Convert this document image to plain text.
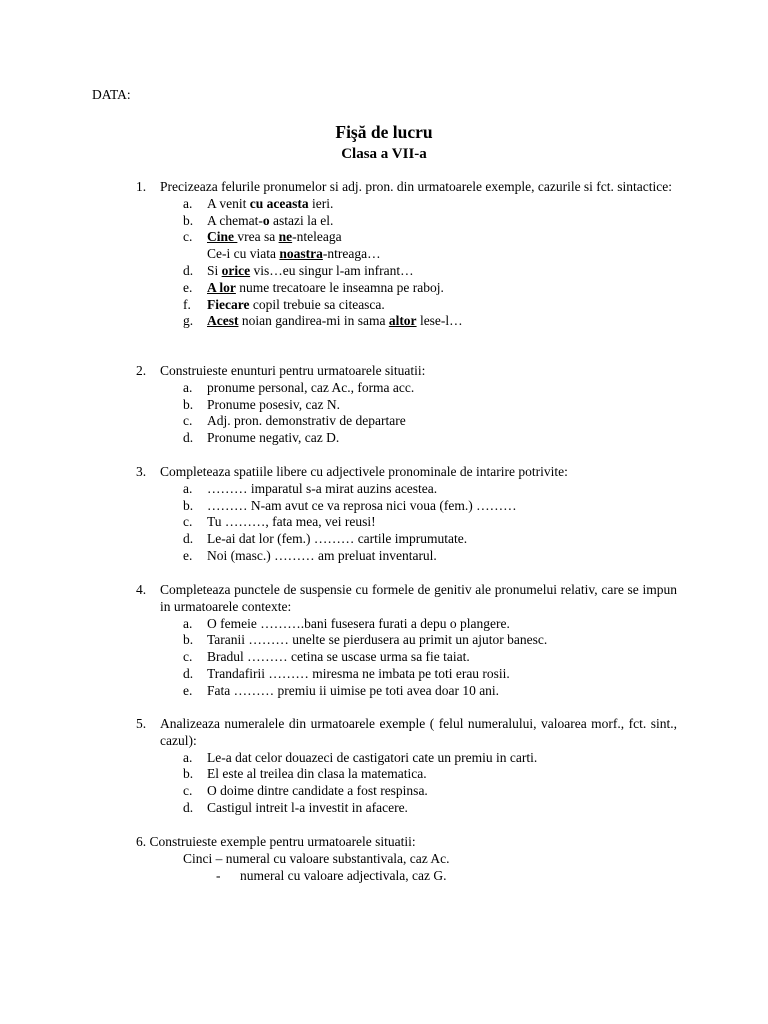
DATA:
Fişă de lucru
Clasa a VII-a
1. Precizeaza felurile pronumelor si adj. pron. din urmatoarele exemple, cazurile si fct. sintactice:
a. A venit cu aceasta ieri.
b. A chemat-o astazi la el.
c. Cine vrea sa ne-nteleaga
Ce-i cu viata noastra-ntreaga…
d. Si orice vis…eu singur l-am infrant…
e. A lor nume trecatoare le inseamna pe raboj.
f. Fiecare copil trebuie sa citeasca.
g. Acest noian gandirea-mi in sama altor lese-l…
2. Construieste enunturi pentru urmatoarele situatii:
a. pronume personal, caz Ac., forma acc.
b. Pronume posesiv, caz N.
c. Adj. pron. demonstrativ de departare
d. Pronume negativ, caz D.
3. Completeaza spatiile libere cu adjectivele pronominale de intarire potrivite:
a. ……… imparatul s-a mirat auzins acestea.
b. ……… N-am avut ce va reprosa nici voua (fem.) ………
c. Tu ………, fata mea, vei reusi!
d. Le-ai dat lor (fem.) ……… cartile imprumutate.
e. Noi (masc.) ……… am preluat inventarul.
4. Completeaza punctele de suspensie cu formele de genitiv ale pronumelui relativ, care se impun in urmatoarele contexte:
a. O femeie ……….bani fusesera furati a depu o plangere.
b. Taranii ……… unelte se pierdusera au primit un ajutor banesc.
c. Bradul ……… cetina se uscase urma sa fie taiat.
d. Trandafirii ……… miresma ne imbata pe toti erau rosii.
e. Fata ……… premiu ii uimise pe toti avea doar 10 ani.
5. Analizeaza numeralele din urmatoarele exemple ( felul numeralului, valoarea morf., fct. sint., cazul):
a. Le-a dat celor douazeci de castigatori cate un premiu in carti.
b. El este al treilea din clasa la matematica.
c. O doime dintre candidate a fost respinsa.
d. Castigul intreit l-a investit in afacere.
6. Construieste exemple pentru urmatoarele situatii:
Cinci – numeral cu valoare substantivala, caz Ac.
- numeral cu valoare adjectivala, caz G.
